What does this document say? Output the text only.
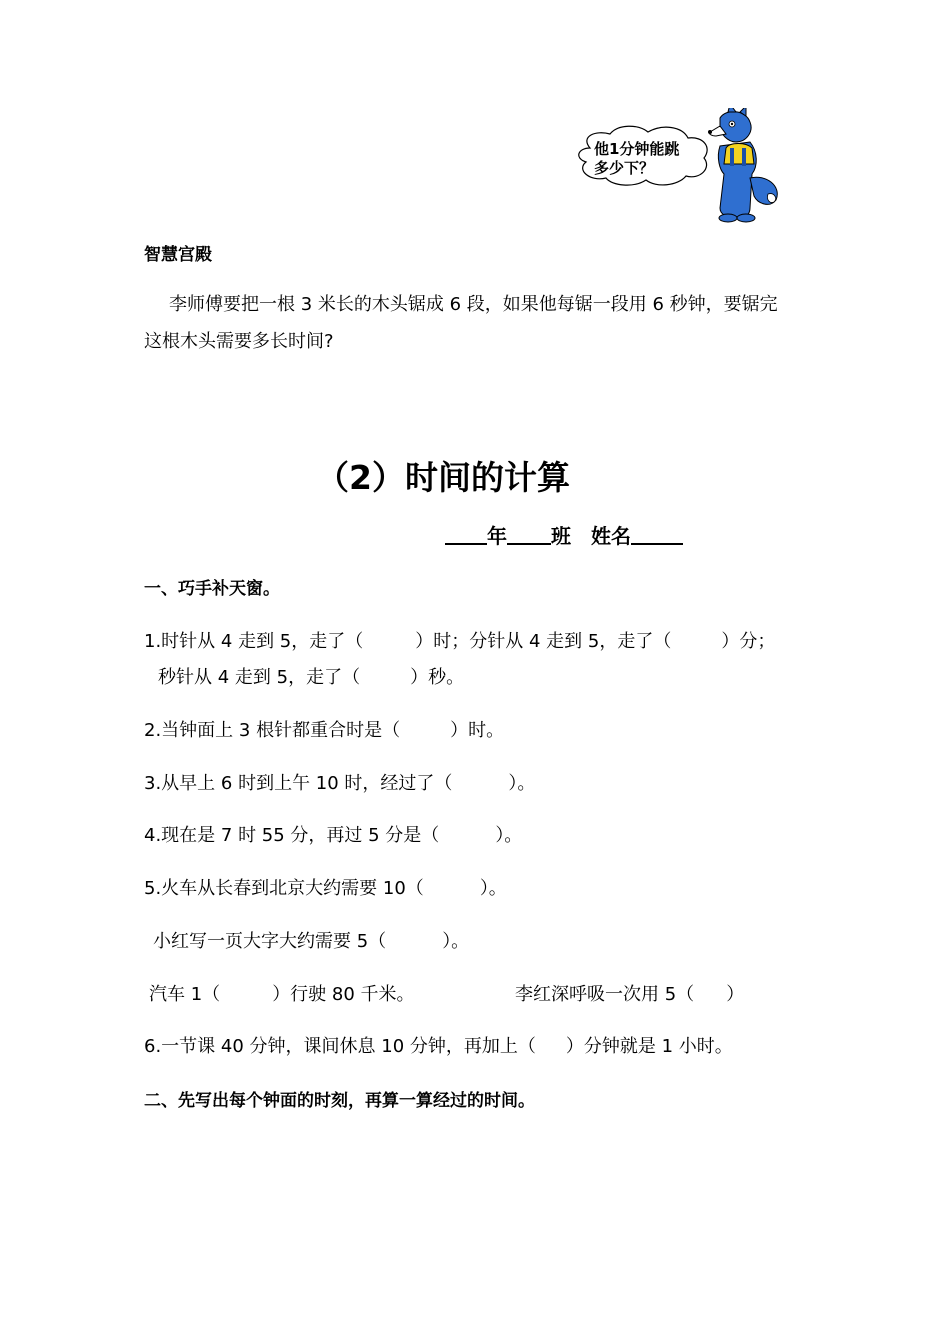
他1分钟能跳
多少下？
智慧宫殿
李师傅要把一根 3 米长的木头锯成 6 段，如果他每锯一段用 6 秒钟，要锯完
这根木头需要多长时间?
（2）时间的计算
年 班 姓名
一、巧手补天窗。
1.时针从 4 走到 5，走了（	）时；分针从 4 走到 5，走了（	）分；
秒针从 4 走到 5，走了（	）秒。
2.当钟面上 3 根针都重合时是（	）时。
3.从早上 6 时到上午 10 时，经过了（	）。
4.现在是 7 时 55 分，再过 5 分是（	）。
5.火车从长春到北京大约需要 10（	）。
小红写一页大字大约需要 5（	）。
汽车 1（	）行驶 80 千米。	李红深呼吸一次用 5（ ）
6.一节课 40 分钟，课间休息 10 分钟，再加上（ ）分钟就是 1 小时。
二、先写出每个钟面的时刻，再算一算经过的时间。
